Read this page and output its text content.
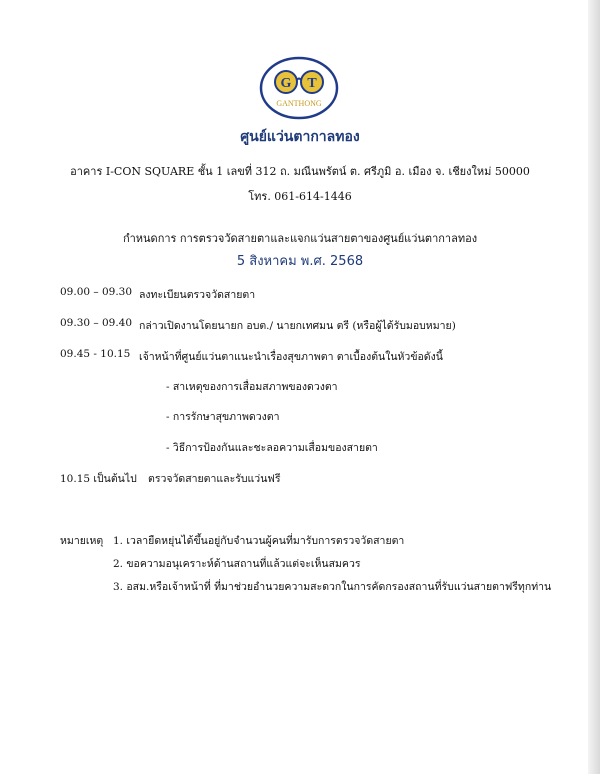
G T
GANTHONG
ศูนย์แว่นตากาลทอง
อาคาร I-CON SQUARE ชั้น 1 เลขที่ 312 ถ. มณีนพรัตน์ ต. ศรีภูมิ อ. เมือง จ. เชียงใหม่ 50000
โทร. 061-614-1446
กำหนดการ การตรวจวัดสายตาและแจกแว่นสายตาของศูนย์แว่นตากาลทอง
5 สิงหาคม พ.ศ. 2568
09.00 – 09.30 ลงทะเบียนตรวจวัดสายตา
09.30 – 09.40 กล่าวเปิดงานโดยนายก อบต./ นายกเทศมน ตรี (หรือผู้ได้รับมอบหมาย)
09.45 - 10.15 เจ้าหน้าที่ศูนย์แว่นตาแนะนำเรื่องสุขภาพตา ตาเบื้องต้นในหัวข้อดังนี้
- สาเหตุของการเสื่อมสภาพของดวงตา
- การรักษาสุขภาพดวงตา
- วิธีการป้องกันและชะลอความเสื่อมของสายตา
10.15 เป็นต้นไป ตรวจวัดสายตาและรับแว่นฟรี
หมายเหตุ 1. เวลายืดหยุ่นได้ขึ้นอยู่กับจำนวนผู้คนที่มารับการตรวจวัดสายตา
2. ขอความอนุเคราะห์ด้านสถานที่แล้วแต่จะเห็นสมควร
3. อสม.หรือเจ้าหน้าที่ ที่มาช่วยอำนวยความสะดวกในการคัดกรองสถานที่รับแว่นสายตาฟรีทุกท่าน
